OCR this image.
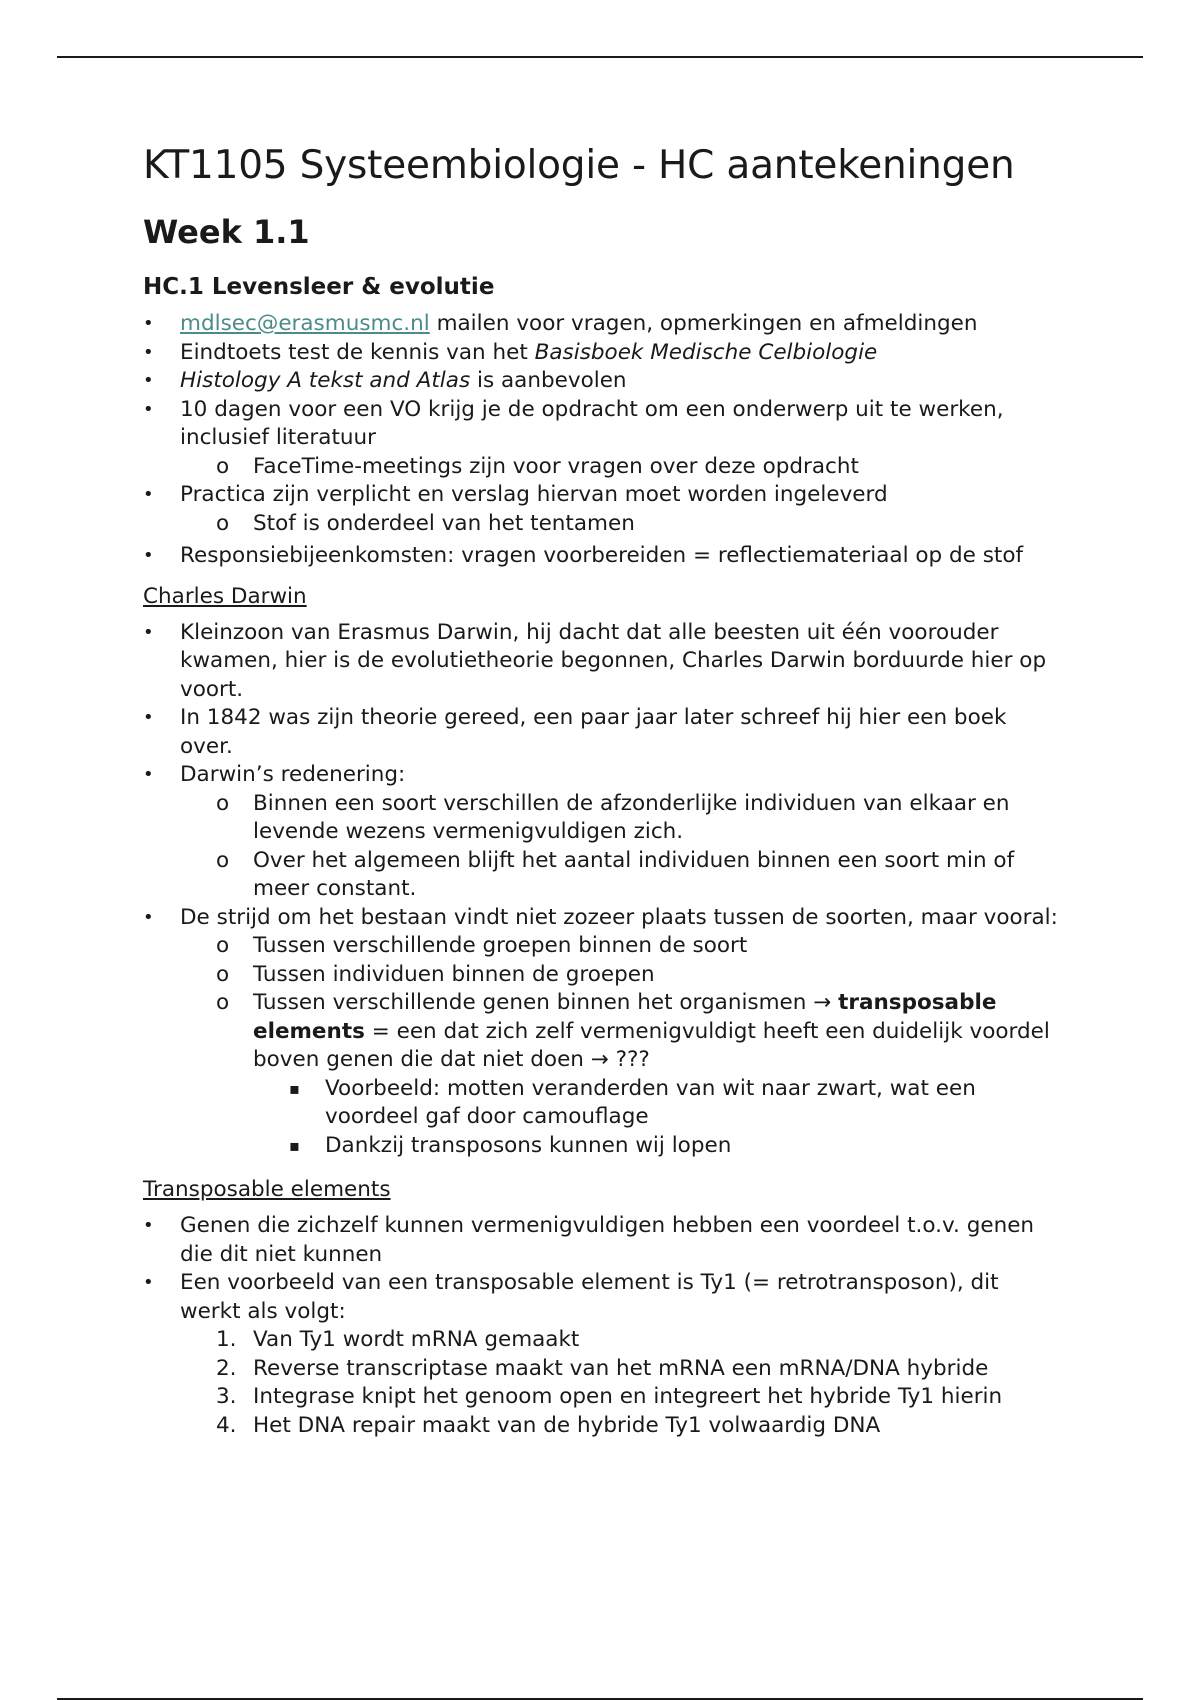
KT1105 Systeembiologie - HC aantekeningen
Week 1.1
HC.1 Levensleer & evolutie
• mdlsec@erasmusmc.nl mailen voor vragen, opmerkingen en afmeldingen
• Eindtoets test de kennis van het Basisboek Medische Celbiologie
• Histology A tekst and Atlas is aanbevolen
• 10 dagen voor een VO krijg je de opdracht om een onderwerp uit te werken, inclusief literatuur
o FaceTime-meetings zijn voor vragen over deze opdracht
• Practica zijn verplicht en verslag hiervan moet worden ingeleverd
o Stof is onderdeel van het tentamen
• Responsiebijeenkomsten: vragen voorbereiden = reflectiemateriaal op de stof
Charles Darwin
• Kleinzoon van Erasmus Darwin, hij dacht dat alle beesten uit één voorouder kwamen, hier is de evolutietheorie begonnen, Charles Darwin borduurde hier op voort.
• In 1842 was zijn theorie gereed, een paar jaar later schreef hij hier een boek over.
• Darwin’s redenering:
o Binnen een soort verschillen de afzonderlijke individuen van elkaar en levende wezens vermenigvuldigen zich.
o Over het algemeen blijft het aantal individuen binnen een soort min of meer constant.
• De strijd om het bestaan vindt niet zozeer plaats tussen de soorten, maar vooral:
o Tussen verschillende groepen binnen de soort
o Tussen individuen binnen de groepen
o Tussen verschillende genen binnen het organismen → transposable elements = een dat zich zelf vermenigvuldigt heeft een duidelijk voordel boven genen die dat niet doen → ???
▪ Voorbeeld: motten veranderden van wit naar zwart, wat een voordeel gaf door camouflage
▪ Dankzij transposons kunnen wij lopen
Transposable elements
• Genen die zichzelf kunnen vermenigvuldigen hebben een voordeel t.o.v. genen die dit niet kunnen
• Een voorbeeld van een transposable element is Ty1 (= retrotransposon), dit werkt als volgt:
1. Van Ty1 wordt mRNA gemaakt
2. Reverse transcriptase maakt van het mRNA een mRNA/DNA hybride
3. Integrase knipt het genoom open en integreert het hybride Ty1 hierin
4. Het DNA repair maakt van de hybride Ty1 volwaardig DNA
